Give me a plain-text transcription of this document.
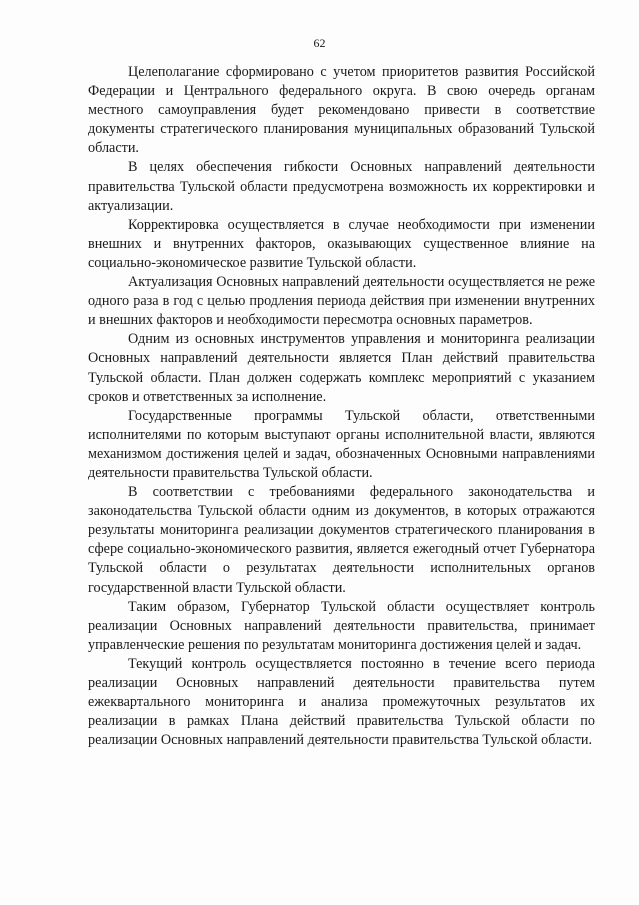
62

Целеполагание сформировано с учетом приоритетов развития Российской Федерации и Центрального федерального округа. В свою очередь органам местного самоуправления будет рекомендовано привести в соответствие документы стратегического планирования муниципальных образований Тульской области.

В целях обеспечения гибкости Основных направлений деятельности правительства Тульской области предусмотрена возможность их корректировки и актуализации.

Корректировка осуществляется в случае необходимости при изменении внешних и внутренних факторов, оказывающих существенное влияние на социально-экономическое развитие Тульской области.

Актуализация Основных направлений деятельности осуществляется не реже одного раза в год с целью продления периода действия при изменении внутренних и внешних факторов и необходимости пересмотра основных параметров.

Одним из основных инструментов управления и мониторинга реализации Основных направлений деятельности является План действий правительства Тульской области. План должен содержать комплекс мероприятий с указанием сроков и ответственных за исполнение.

Государственные программы Тульской области, ответственными исполнителями по которым выступают органы исполнительной власти, являются механизмом достижения целей и задач, обозначенных Основными направлениями деятельности правительства Тульской области.

В соответствии с требованиями федерального законодательства и законодательства Тульской области одним из документов, в которых отражаются результаты мониторинга реализации документов стратегического планирования в сфере социально-экономического развития, является ежегодный отчет Губернатора Тульской области о результатах деятельности исполнительных органов государственной власти Тульской области.

Таким образом, Губернатор Тульской области осуществляет контроль реализации Основных направлений деятельности правительства, принимает управленческие решения по результатам мониторинга достижения целей и задач.

Текущий контроль осуществляется постоянно в течение всего периода реализации Основных направлений деятельности правительства путем ежеквартального мониторинга и анализа промежуточных результатов их реализации в рамках Плана действий правительства Тульской области по реализации Основных направлений деятельности правительства Тульской области.
